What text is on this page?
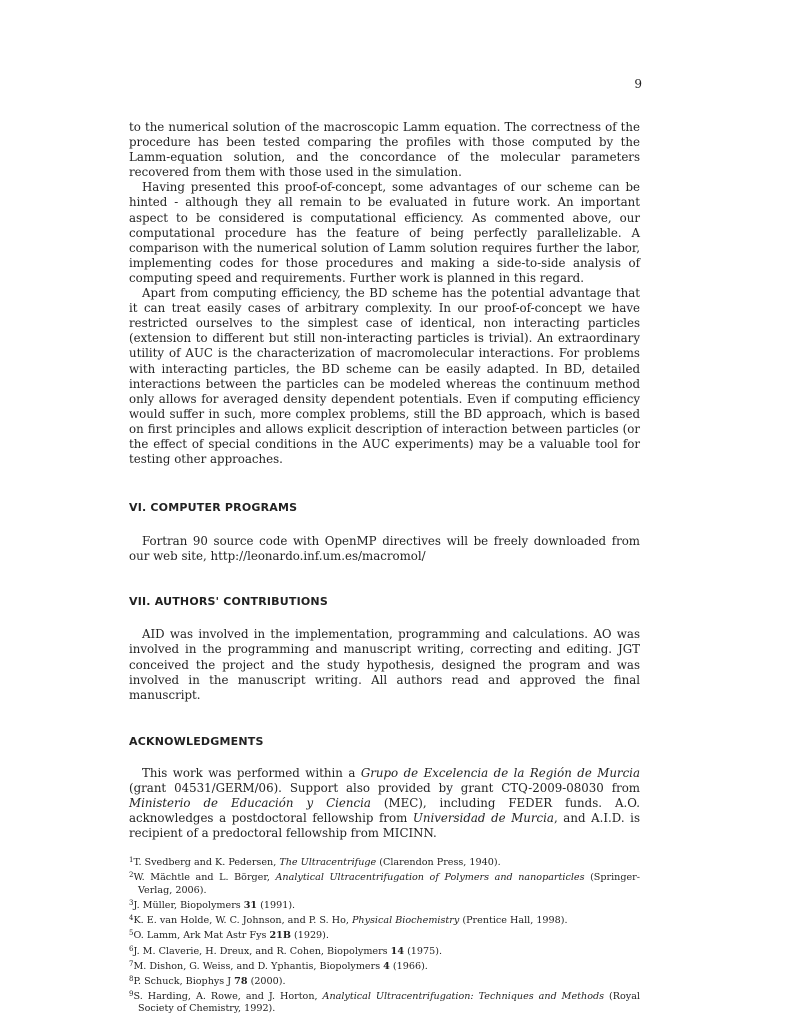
9

to the numerical solution of the macroscopic Lamm equation. The correctness of the procedure has been tested comparing the profiles with those computed by the Lamm-equation solution, and the concordance of the molecular parameters recovered from them with those used in the simulation.

Having presented this proof-of-concept, some advantages of our scheme can be hinted - although they all remain to be evaluated in future work. An important aspect to be considered is computational efficiency. As commented above, our computational procedure has the feature of being perfectly parallelizable. A comparison with the numerical solution of Lamm solution requires further the labor, implementing codes for those procedures and making a side-to-side analysis of computing speed and requirements. Further work is planned in this regard.

Apart from computing efficiency, the BD scheme has the potential advantage that it can treat easily cases of arbitrary complexity. In our proof-of-concept we have restricted ourselves to the simplest case of identical, non interacting particles (extension to different but still non-interacting particles is trivial). An extraordinary utility of AUC is the characterization of macromolecular interactions. For problems with interacting particles, the BD scheme can be easily adapted. In BD, detailed interactions between the particles can be modeled whereas the continuum method only allows for averaged density dependent potentials. Even if computing efficiency would suffer in such, more complex problems, still the BD approach, which is based on first principles and allows explicit description of interaction between particles (or the effect of special conditions in the AUC experiments) may be a valuable tool for testing other approaches.

VI. COMPUTER PROGRAMS

Fortran 90 source code with OpenMP directives will be freely downloaded from our web site, http://leonardo.inf.um.es/macromol/

VII. AUTHORS' CONTRIBUTIONS

AID was involved in the implementation, programming and calculations. AO was involved in the programming and manuscript writing, correcting and editing. JGT conceived the project and the study hypothesis, designed the program and was involved in the manuscript writing. All authors read and approved the final manuscript.

ACKNOWLEDGMENTS

This work was performed within a Grupo de Excelencia de la Región de Murcia (grant 04531/GERM/06). Support also provided by grant CTQ-2009-08030 from Ministerio de Educación y Ciencia (MEC), including FEDER funds. A.O. acknowledges a postdoctoral fellowship from Universidad de Murcia, and A.I.D. is recipient of a predoctoral fellowship from MICINN.

$^1$T. Svedberg and K. Pedersen, The Ultracentrifuge (Clarendon Press, 1940).
$^2$W. Mächtle and L. Börger, Analytical Ultracentrifugation of Polymers and nanoparticles (Springer-Verlag, 2006).
$^3$J. Müller, Biopolymers 31 (1991).
$^4$K. E. van Holde, W. C. Johnson, and P. S. Ho, Physical Biochemistry (Prentice Hall, 1998).
$^5$O. Lamm, Ark Mat Astr Fys 21B (1929).
$^6$J. M. Claverie, H. Dreux, and R. Cohen, Biopolymers 14 (1975).
$^7$M. Dishon, G. Weiss, and D. Yphantis, Biopolymers 4 (1966).
$^8$P. Schuck, Biophys J 78 (2000).
$^9$S. Harding, A. Rowe, and J. Horton, Analytical Ultracentrifugation: Techniques and Methods (Royal Society of Chemistry, 1992).
